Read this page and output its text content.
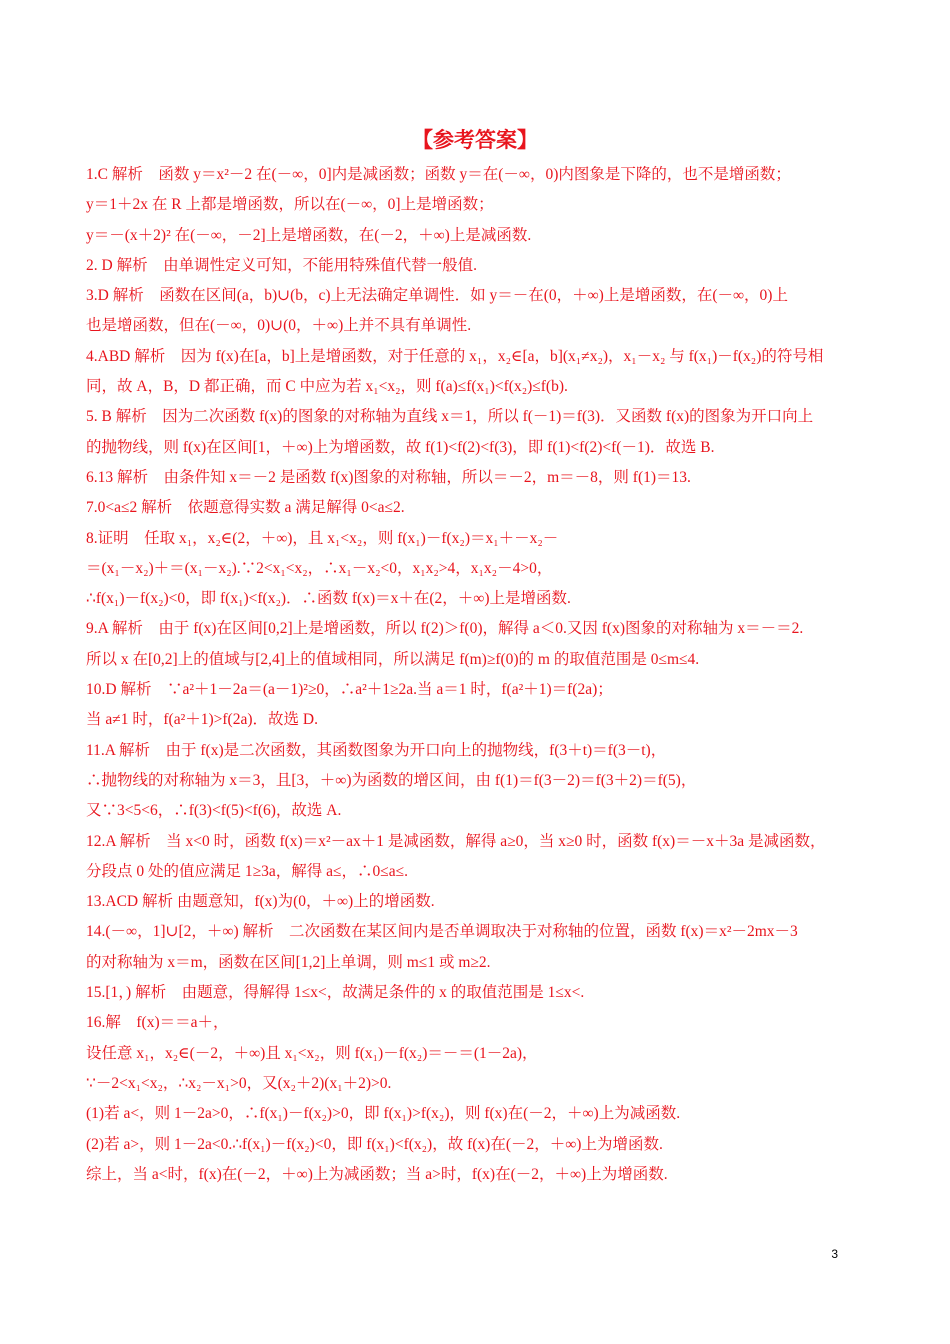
【参考答案】
1.C 解析　函数 y＝x²－2 在(－∞，0]内是减函数；函数 y＝在(－∞，0)内图象是下降的，也不是增函数；
y＝1＋2x 在 R 上都是增函数，所以在(－∞，0]上是增函数；
y＝－(x＋2)² 在(－∞，－2]上是增函数，在(－2，＋∞)上是减函数.
2. D 解析　由单调性定义可知，不能用特殊值代替一般值.
3.D 解析　函数在区间(a，b)∪(b，c)上无法确定单调性．如 y＝－在(0，＋∞)上是增函数，在(－∞，0)上
也是增函数，但在(－∞，0)∪(0，＋∞)上并不具有单调性.
4.ABD 解析　因为 f(x)在[a，b]上是增函数，对于任意的 x₁，x₂∈[a，b](x₁≠x₂)，x₁－x₂ 与 f(x₁)－f(x₂)的符号相
同，故 A，B，D 都正确，而 C 中应为若 x₁<x₂，则 f(a)≤f(x₁)<f(x₂)≤f(b).
5. B 解析　因为二次函数 f(x)的图象的对称轴为直线 x＝1，所以 f(－1)＝f(3)．又函数 f(x)的图象为开口向上
的抛物线，则 f(x)在区间[1，＋∞)上为增函数，故 f(1)<f(2)<f(3)，即 f(1)<f(2)<f(－1)．故选 B.
6.13 解析　由条件知 x＝－2 是函数 f(x)图象的对称轴，所以＝－2，m＝－8，则 f(1)＝13.
7.0<a≤2 解析　依题意得实数 a 满足解得 0<a≤2.
8.证明　任取 x₁，x₂∈(2，＋∞)，且 x₁<x₂，则 f(x₁)－f(x₂)＝x₁＋－x₂－
＝(x₁－x₂)＋＝(x₁－x₂).∵2<x₁<x₂，∴x₁－x₂<0，x₁x₂>4，x₁x₂－4>0，
∴f(x₁)－f(x₂)<0，即 f(x₁)<f(x₂)．∴函数 f(x)＝x＋在(2，＋∞)上是增函数.
9.A 解析　由于 f(x)在区间[0,2]上是增函数，所以 f(2)＞f(0)，解得 a＜0.又因 f(x)图象的对称轴为 x＝－＝2.
所以 x 在[0,2]上的值域与[2,4]上的值域相同，所以满足 f(m)≥f(0)的 m 的取值范围是 0≤m≤4.
10.D 解析　∵a²＋1－2a＝(a－1)²≥0，∴a²＋1≥2a.当 a＝1 时，f(a²＋1)＝f(2a)；
当 a≠1 时，f(a²＋1)>f(2a)．故选 D.
11.A 解析　由于 f(x)是二次函数，其函数图象为开口向上的抛物线，f(3＋t)＝f(3－t)，
∴抛物线的对称轴为 x＝3，且[3，＋∞)为函数的增区间，由 f(1)＝f(3－2)＝f(3＋2)＝f(5)，
又∵3<5<6，∴f(3)<f(5)<f(6)，故选 A.
12.A 解析　当 x<0 时，函数 f(x)＝x²－ax＋1 是减函数，解得 a≥0，当 x≥0 时，函数 f(x)＝－x＋3a 是减函数，
分段点 0 处的值应满足 1≥3a，解得 a≤，∴0≤a≤.
13.ACD 解析 由题意知，f(x)为(0，＋∞)上的增函数.
14.(－∞，1]∪[2，＋∞) 解析　二次函数在某区间内是否单调取决于对称轴的位置，函数 f(x)＝x²－2mx－3
的对称轴为 x＝m，函数在区间[1,2]上单调，则 m≤1 或 m≥2.
15.[1，) 解析　由题意，得解得 1≤x<，故满足条件的 x 的取值范围是 1≤x<.
16.解　f(x)＝＝a＋，
设任意 x₁，x₂∈(－2，＋∞)且 x₁<x₂，则 f(x₁)－f(x₂)＝－＝(1－2a)，
∵－2<x₁<x₂，∴x₂－x₁>0，又(x₂＋2)(x₁＋2)>0.
(1)若 a<，则 1－2a>0，∴f(x₁)－f(x₂)>0，即 f(x₁)>f(x₂)，则 f(x)在(－2，＋∞)上为减函数.
(2)若 a>，则 1－2a<0.∴f(x₁)－f(x₂)<0，即 f(x₁)<f(x₂)，故 f(x)在(－2，＋∞)上为增函数.
综上，当 a<时，f(x)在(－2，＋∞)上为减函数；当 a>时，f(x)在(－2，＋∞)上为增函数.
3
